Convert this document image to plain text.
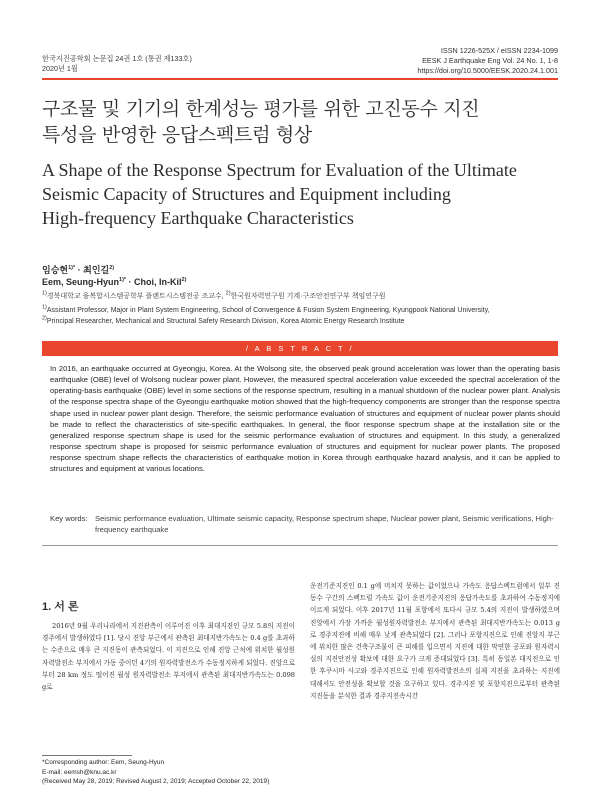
한국지진공학회 논문집 24권 1호 (통권 제133호)
2020년 1월
ISSN 1226-525X / eISSN 2234-1099
EESK J Earthquake Eng Vol. 24 No. 1, 1-8
https://doi.org/10.5000/EESK.2020.24.1.001
구조물 및 기기의 한계성능 평가를 위한 고진동수 지진
특성을 반영한 응답스펙트럼 형상
A Shape of the Response Spectrum for Evaluation of the Ultimate
Seismic Capacity of Structures and Equipment including
High-frequency Earthquake Characteristics
임승현$^{1)*}$ · 최인길$^{2)}$
Eem, Seung-Hyun$^{1)*}$ · Choi, In-Kil$^{2)}$
$^{1)}$경북대학교 융복합시스템공학부 플랜트시스템전공 조교수, $^{2)}$한국원자력연구원 기계·구조안전연구부 책임연구원
$^{1)}$Assistant Professor, Major in Plant System Engineering, School of Convergence & Fusion System Engineering, Kyungpook National University,
$^{2)}$Principal Researcher, Mechanical and Structural Safety Research Division, Korea Atomic Energy Research Institute
/ A B S T R A C T /
In 2016, an earthquake occurred at Gyeongju, Korea. At the Wolsong site, the observed peak ground acceleration was lower than the operating basis earthquake (OBE) level of Wolsong nuclear power plant. However, the measured spectral acceleration value exceeded the spectral acceleration of the operating-basis earthquake (OBE) level in some sections of the response spectrum, resulting in a manual shutdown of the nuclear power plant. Analysis of the response spectra shape of the Gyeongju earthquake motion showed that the high-frequency components are stronger than the response spectra shape used in nuclear power plant design. Therefore, the seismic performance evaluation of structures and equipment of nuclear power plants should be made to reflect the characteristics of site-specific earthquakes. In general, the floor response spectrum shape at the installation site or the generalized response spectrum shape is used for the seismic performance evaluation of structures and equipment. In this study, a generalized response spectrum shape is proposed for seismic performance evaluation of structures and equipment for nuclear power plants. The proposed response spectrum shape reflects the characteristics of earthquake motion in Korea through earthquake hazard analysis, and it can be applied to structures and equipment at various locations.
Key words: Seismic performance evaluation, Ultimate seismic capacity, Response spectrum shape, Nuclear power plant, Seismic verifications, High-frequency earthquake
1. 서 론

2016년 9월 우리나라에서 지진관측이 이루어진 이후 최대지진인 규모 5.8의 지진이 경주에서 발생하였다 [1]. 당시 진앙 부근에서 관측된 최대지반가속도는 0.4 g를 초과하는 수준으로 매우 큰 지진동이 관측되었다. 이 지진으로 인해 진앙 근처에 위치한 월성원자력발전소 부지에서 가동 중이던 4기의 원자력발전소가 수동정지하게 되었다. 진앙으로부터 28 km 정도 떨어진 월성 원자력발전소 부지에서 관측된 최대지반가속도는 0.098 g로

운전기준지진인 0.1 g에 미치지 못하는 값이었으나 가속도 응답스펙트럼에서 일부 진동수 구간의 스펙트럴 가속도 값이 운전기준지진의 응답가속도를 초과하여 수동정지에 이르게 되었다. 이후 2017년 11월 포항에서 또다시 규모 5.4의 지진이 발생하였으며 진앙에서 가장 가까운 월성원자력발전소 부지에서 관측된 최대지반가속도는 0.013 g로 경주지진에 비해 매우 낮게 관측되었다 [2]. 그러나 포항지진으로 인해 진앙지 부근에 위치한 많은 건축구조물이 큰 피해를 입으면서 지진에 대한 막연한 공포와 원자력시설의 지진안전성 확보에 대한 요구가 크게 증대되었다 [3]. 특히 동일본 대지진으로 인한 후쿠시마 사고와 경주지진으로 인해 원자력발전소의 실제 지진을 초과하는 지진에 대해서도 안전성을 확보할 것을 요구하고 있다. 경주지진 및 포항지진으로부터 관측된 지진동을 분석한 결과 경주지진속시간

*Corresponding author: Eem, Seung-Hyun
E-mail: eemsh@knu.ac.kr
(Received May 28, 2019; Revised August 2, 2019; Accepted October 22, 2019)
